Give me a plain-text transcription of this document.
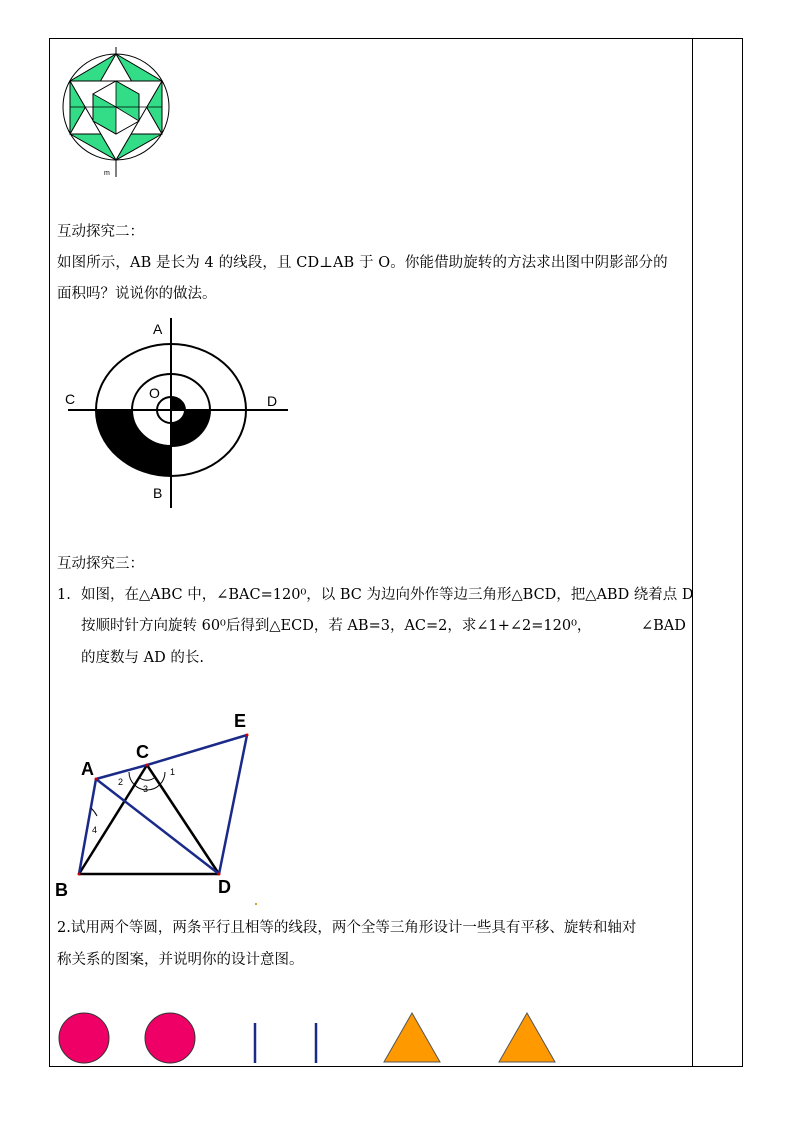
m
互动探究二：
如图所示，AB 是长为 4 的线段，且 CD⊥AB 于 O。你能借助旋转的方法求出图中阴影部分的
面积吗？说说你的做法。
A
B
C	D
O
互动探究三：
1. 如图，在△ABC 中，∠BAC=120⁰，以 BC 为边向外作等边三角形△BCD，把△ABD 绕着点 D
按顺时针方向旋转 60⁰后得到△ECD，若 AB=3，AC=2，求∠1+∠2=120⁰，	∠BAD
的度数与 AD 的长.
A
B
C
D
E
1
2
3
4
2.试用两个等圆，两条平行且相等的线段，两个全等三角形设计一些具有平移、旋转和轴对
称关系的图案，并说明你的设计意图。
